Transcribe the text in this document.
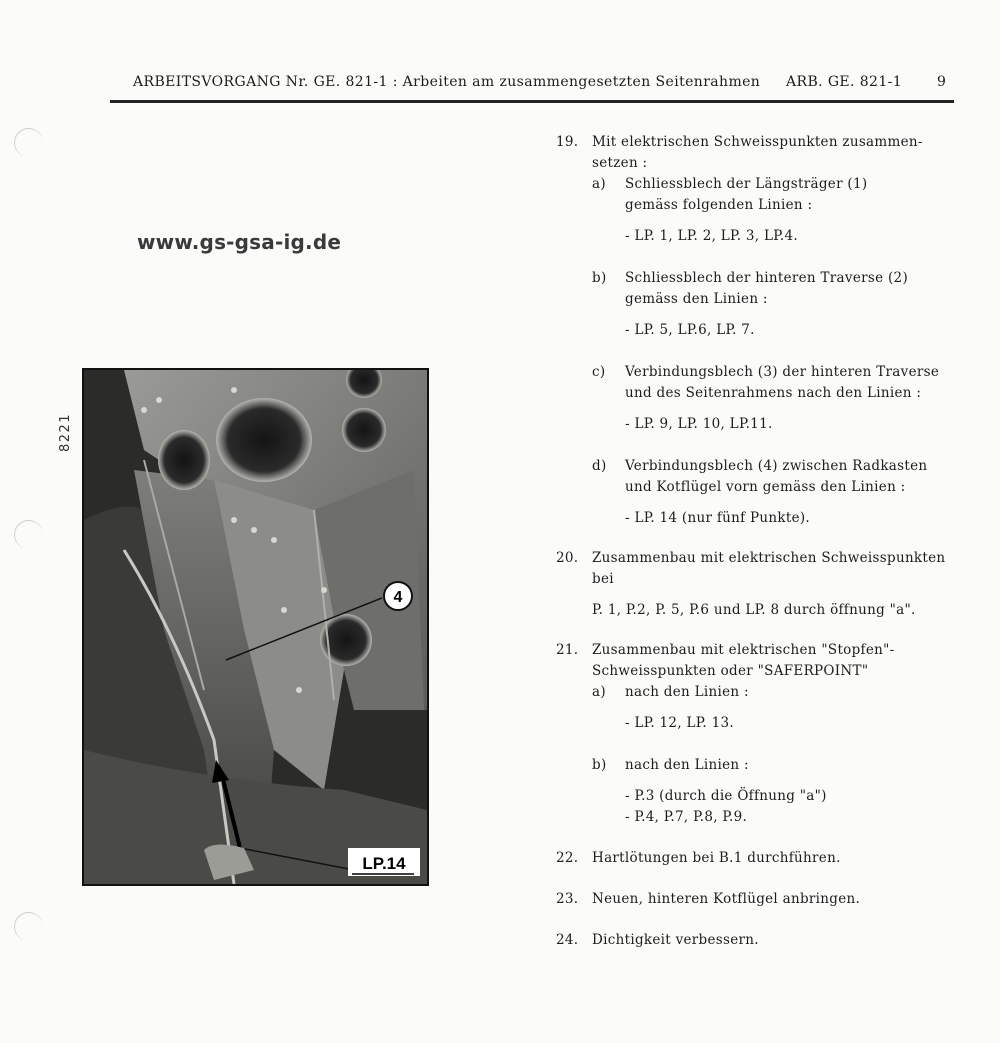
ARBEITSVORGANG Nr. GE. 821-1 : Arbeiten am zusammengesetzten Seitenrahmen ARB. GE. 821-1 9
www.gs-gsa-ig.de
8221
4
LP.14
19. Mit elektrischen Schweisspunkten zusammen-
setzen :
a) Schliessblech der Längsträger (1)
gemäss folgenden Linien :
- LP. 1, LP. 2, LP. 3, LP.4.
b) Schliessblech der hinteren Traverse (2)
gemäss den Linien :
- LP. 5, LP.6, LP. 7.
c) Verbindungsblech (3) der hinteren Traverse
und des Seitenrahmens nach den Linien :
- LP. 9, LP. 10, LP.11.
d) Verbindungsblech (4) zwischen Radkasten
und Kotflügel vorn gemäss den Linien :
- LP. 14 (nur fünf Punkte).
20. Zusammenbau mit elektrischen Schweisspunkten
bei
P. 1, P.2, P. 5, P.6 und LP. 8 durch öffnung "a".
21. Zusammenbau mit elektrischen "Stopfen"-
Schweisspunkten oder "SAFERPOINT"
a) nach den Linien :
- LP. 12, LP. 13.
b) nach den Linien :
- P.3 (durch die Öffnung "a")
- P.4, P.7, P.8, P.9.
22. Hartlötungen bei B.1 durchführen.
23. Neuen, hinteren Kotflügel anbringen.
24. Dichtigkeit verbessern.
